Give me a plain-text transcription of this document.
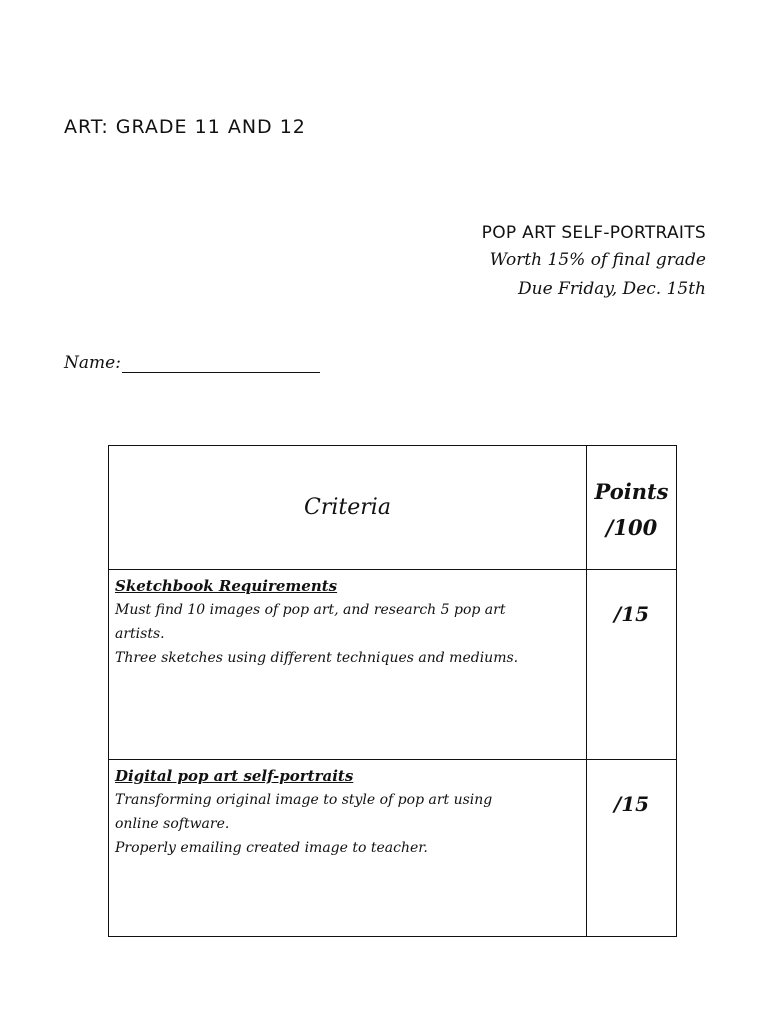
ART: GRADE 11 AND 12
POP ART SELF-PORTRAITS
Worth 15% of final grade
Due Friday, Dec. 15th
Name:
Criteria	Points
/100

Sketchbook Requirements
Must find 10 images of pop art, and research 5 pop art
artists.
Three sketches using different techniques and mediums.	/15

Digital pop art self-portraits
Transforming original image to style of pop art using
online software.
Properly emailing created image to teacher.	/15
